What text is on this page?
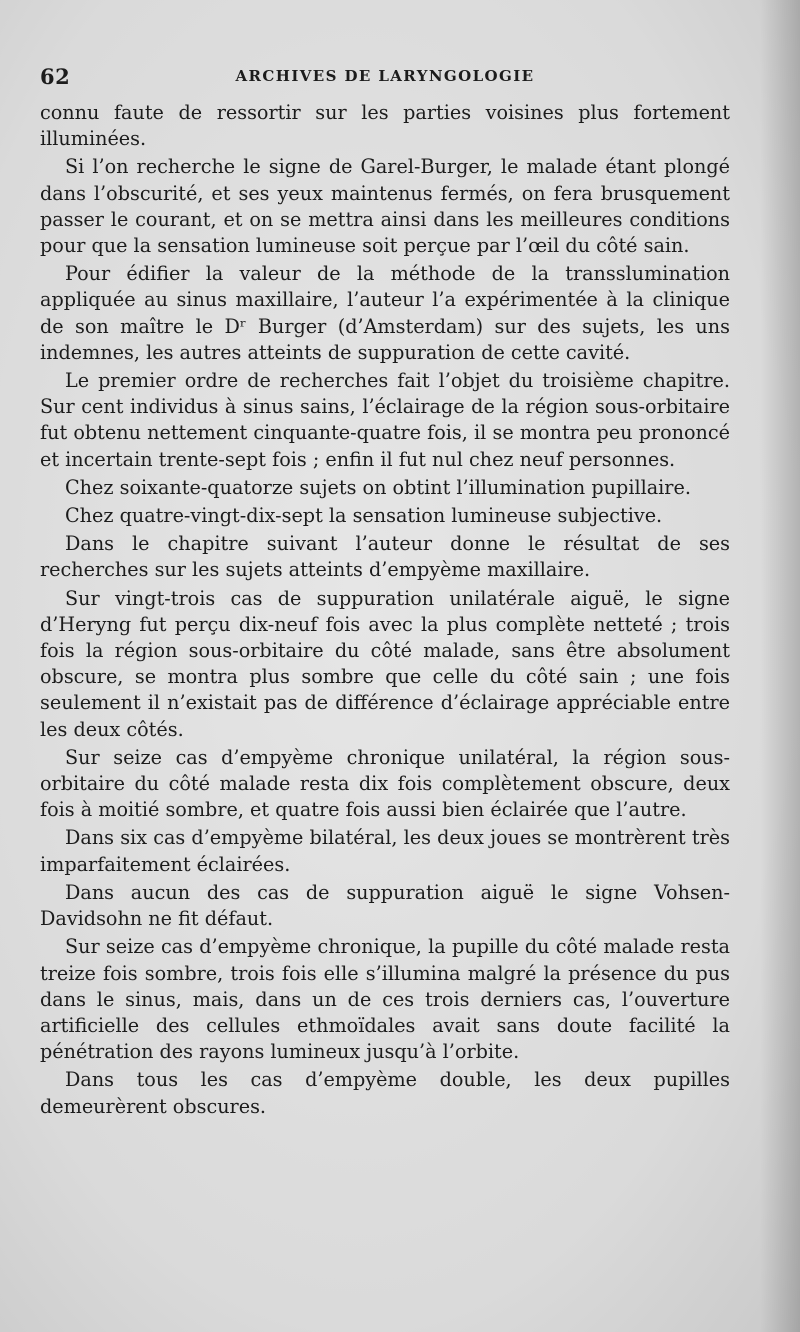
62	ARCHIVES DE LARYNGOLOGIE

connu faute de ressortir sur les parties voisines plus fortement illuminées.

Si l’on recherche le signe de Garel-Burger, le malade étant plongé dans l’obscurité, et ses yeux maintenus fermés, on fera brusquement passer le courant, et on se mettra ainsi dans les meilleures conditions pour que la sensation lumineuse soit perçue par l’œil du côté sain.

Pour édifier la valeur de la méthode de la transslumination appliquée au sinus maxillaire, l’auteur l’a expérimentée à la clinique de son maître le Dʳ Burger (d’Amsterdam) sur des sujets, les uns indemnes, les autres atteints de suppuration de cette cavité.

Le premier ordre de recherches fait l’objet du troisième chapitre. Sur cent individus à sinus sains, l’éclairage de la région sous-orbitaire fut obtenu nettement cinquante-quatre fois, il se montra peu prononcé et incertain trente-sept fois ; enfin il fut nul chez neuf personnes.

Chez soixante-quatorze sujets on obtint l’illumination pupillaire.

Chez quatre-vingt-dix-sept la sensation lumineuse subjective.

Dans le chapitre suivant l’auteur donne le résultat de ses recherches sur les sujets atteints d’empyème maxillaire.

Sur vingt-trois cas de suppuration unilatérale aiguë, le signe d’Heryng fut perçu dix-neuf fois avec la plus complète netteté ; trois fois la région sous-orbitaire du côté malade, sans être absolument obscure, se montra plus sombre que celle du côté sain ; une fois seulement il n’existait pas de différence d’éclairage appréciable entre les deux côtés.

Sur seize cas d’empyème chronique unilatéral, la région sous-orbitaire du côté malade resta dix fois complètement obscure, deux fois à moitié sombre, et quatre fois aussi bien éclairée que l’autre.

Dans six cas d’empyème bilatéral, les deux joues se montrèrent très imparfaitement éclairées.

Dans aucun des cas de suppuration aiguë le signe Vohsen-Davidsohn ne fit défaut.

Sur seize cas d’empyème chronique, la pupille du côté malade resta treize fois sombre, trois fois elle s’illumina malgré la présence du pus dans le sinus, mais, dans un de ces trois derniers cas, l’ouverture artificielle des cellules ethmoïdales avait sans doute facilité la pénétration des rayons lumineux jusqu’à l’orbite.

Dans tous les cas d’empyème double, les deux pupilles demeurèrent obscures.
